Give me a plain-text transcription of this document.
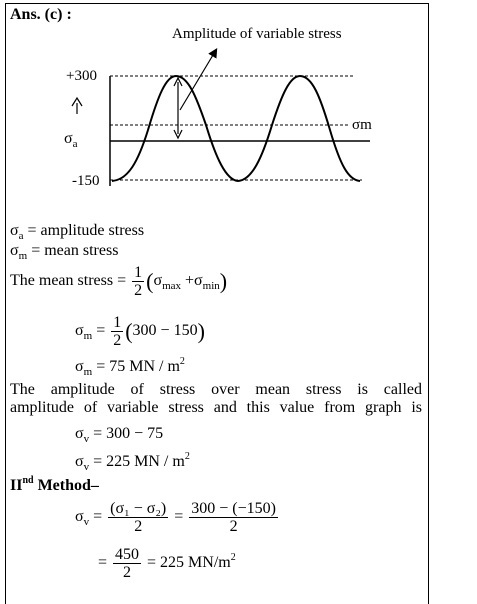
Ans. (c) :
Amplitude of variable stress
+300
-150
$\sigma_a$
σm
$\sigma_a$ = amplitude stress
$\sigma_m$ = mean stress
The mean stress = $\frac{1}{2} (\sigma_{max} +\sigma_{min})$
$\sigma_m = \frac{1}{2} (300 - 150)$
$\sigma_m = 75$ MN / $m^2$
The amplitude of stress over mean stress is called
amplitude of variable stress and this value from graph is
$\sigma_v = 300 - 75$
$\sigma_v = 225$ MN / $m^2$
IInd Method–
$\sigma_v = \frac{\text{(σ₁ − σ₂)}}{2} = \frac{300 - (-150)}{2}$
= $\frac{450}{2} = 225$ $MN/m^2$
